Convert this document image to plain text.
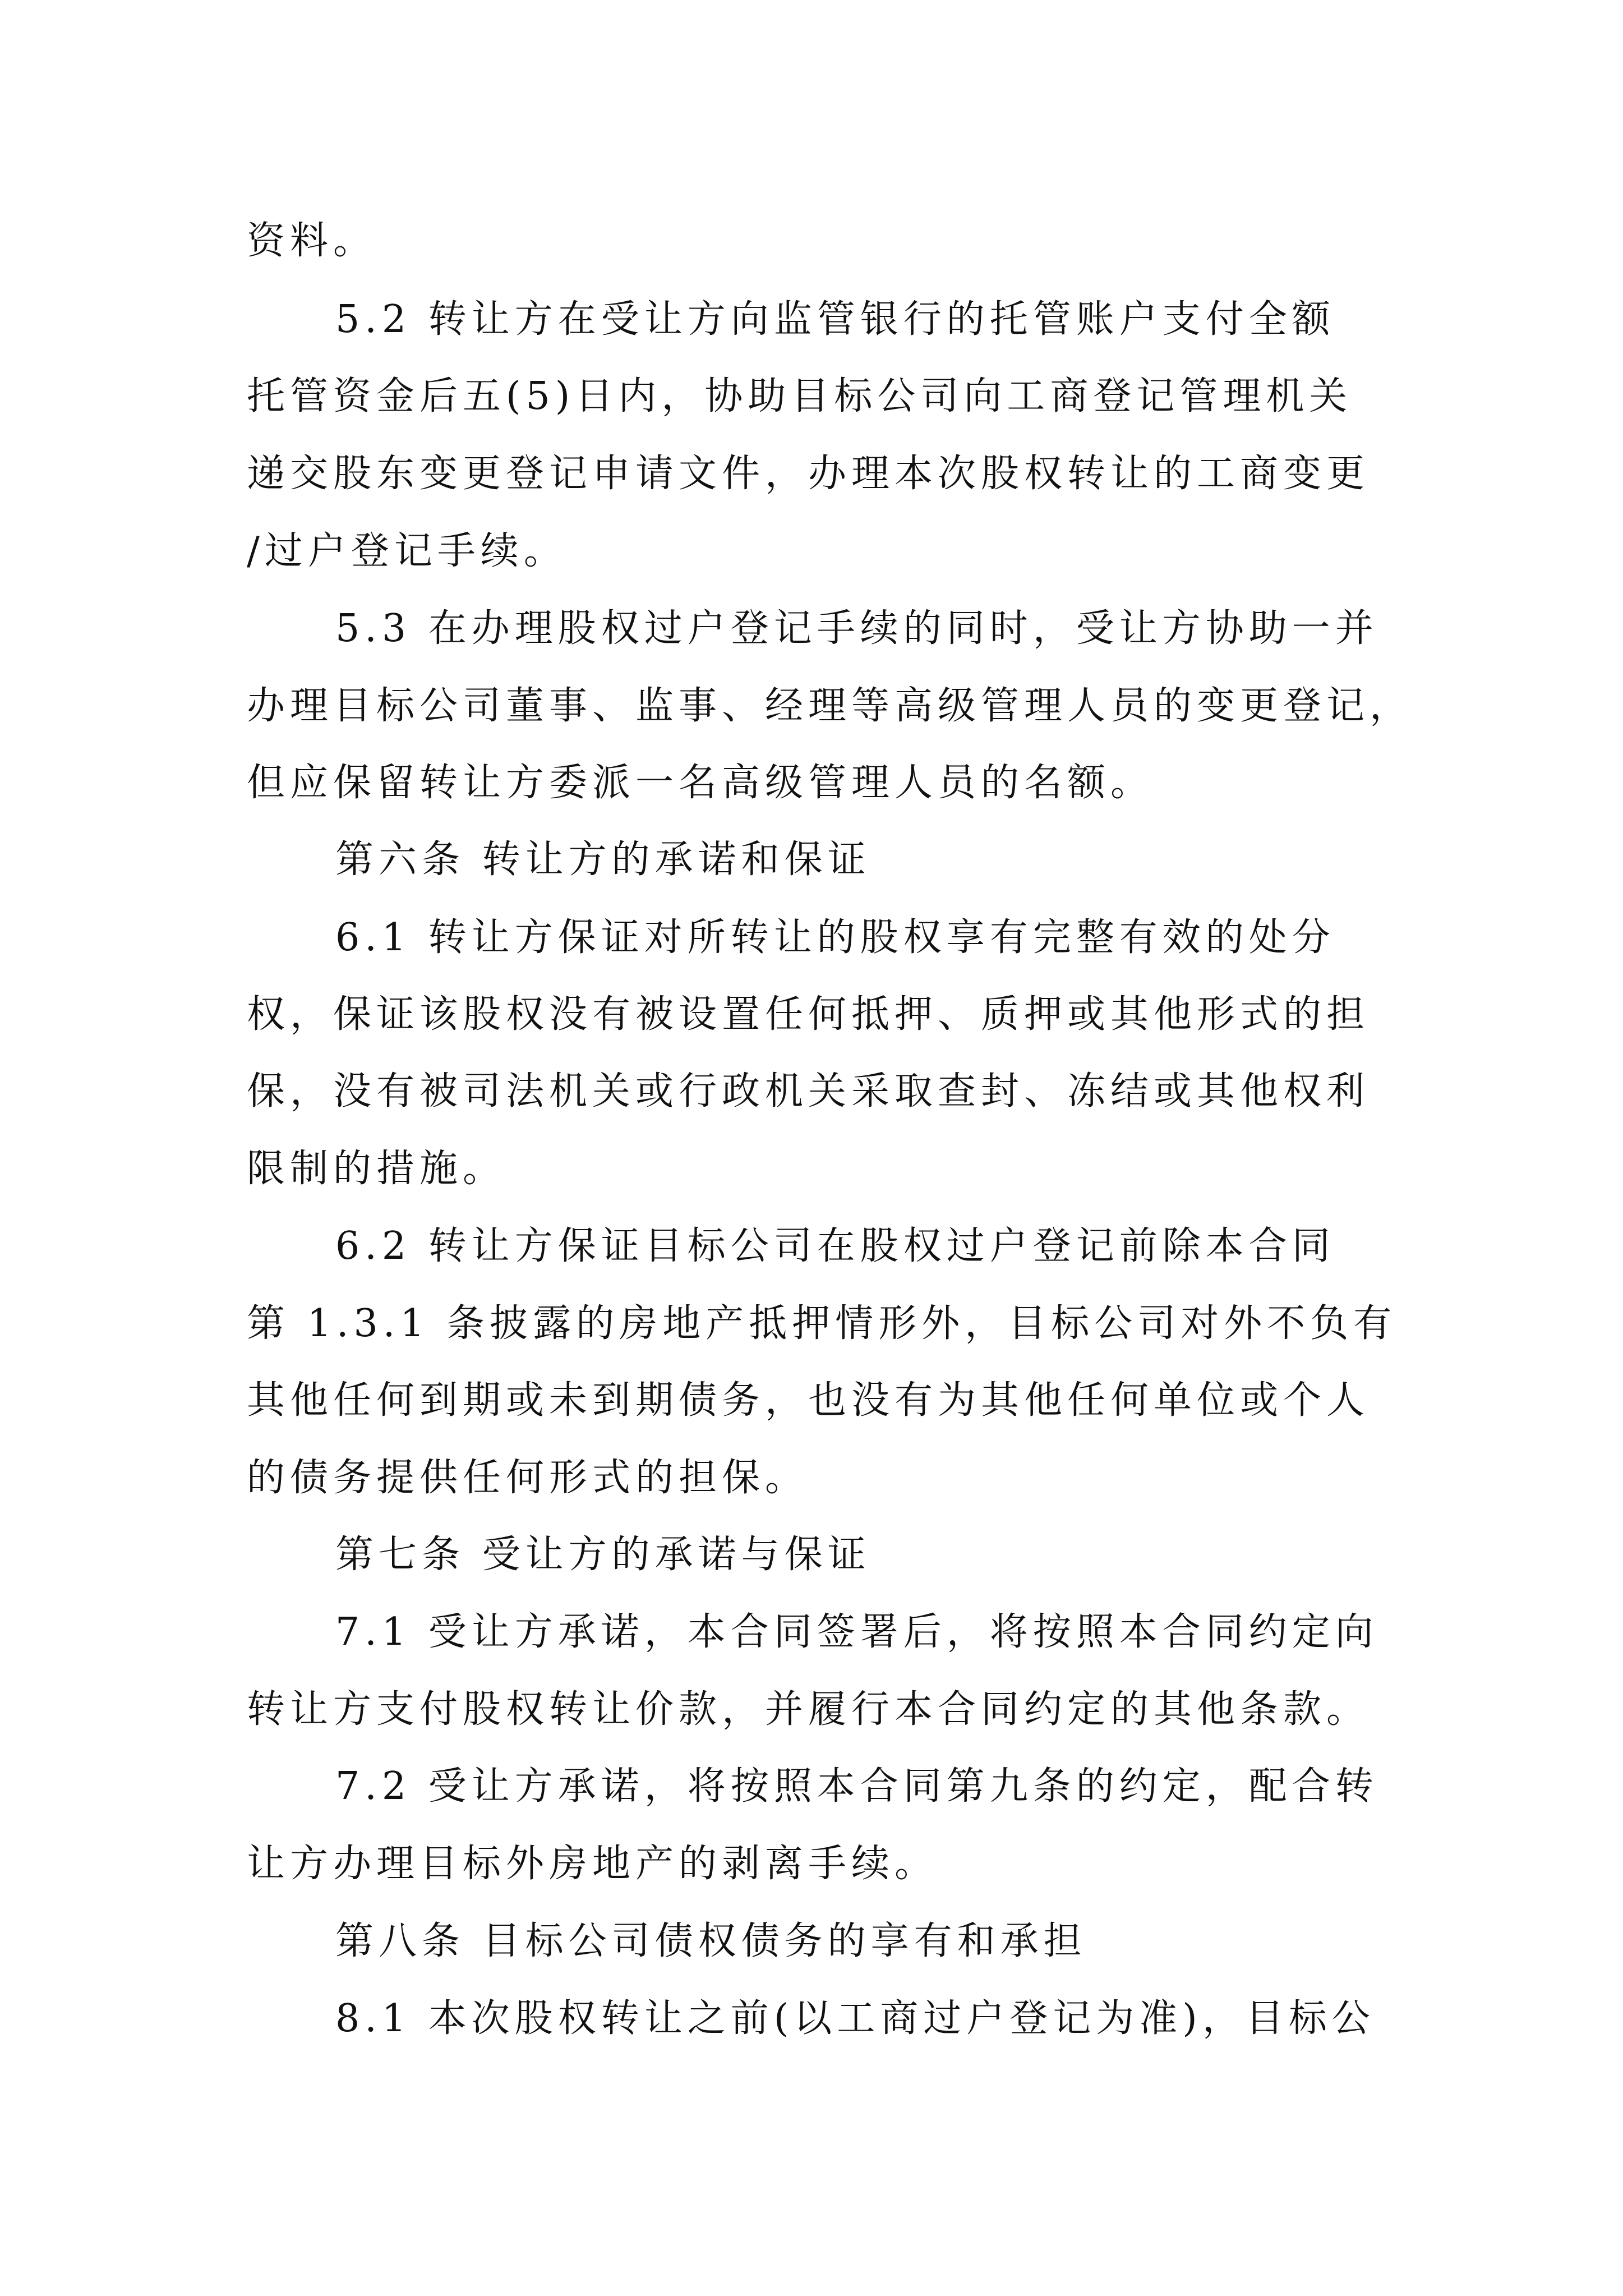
资料。
5.2 转让方在受让方向监管银行的托管账户支付全额
托管资金后五(5)日内，协助目标公司向工商登记管理机关
递交股东变更登记申请文件，办理本次股权转让的工商变更
/过户登记手续。
5.3 在办理股权过户登记手续的同时，受让方协助一并
办理目标公司董事、监事、经理等高级管理人员的变更登记，
但应保留转让方委派一名高级管理人员的名额。
第六条 转让方的承诺和保证
6.1 转让方保证对所转让的股权享有完整有效的处分
权，保证该股权没有被设置任何抵押、质押或其他形式的担
保，没有被司法机关或行政机关采取查封、冻结或其他权利
限制的措施。
6.2 转让方保证目标公司在股权过户登记前除本合同
第 1.3.1 条披露的房地产抵押情形外，目标公司对外不负有
其他任何到期或未到期债务，也没有为其他任何单位或个人
的债务提供任何形式的担保。
第七条 受让方的承诺与保证
7.1 受让方承诺，本合同签署后，将按照本合同约定向
转让方支付股权转让价款，并履行本合同约定的其他条款。
7.2 受让方承诺，将按照本合同第九条的约定，配合转
让方办理目标外房地产的剥离手续。
第八条 目标公司债权债务的享有和承担
8.1 本次股权转让之前(以工商过户登记为准)，目标公
